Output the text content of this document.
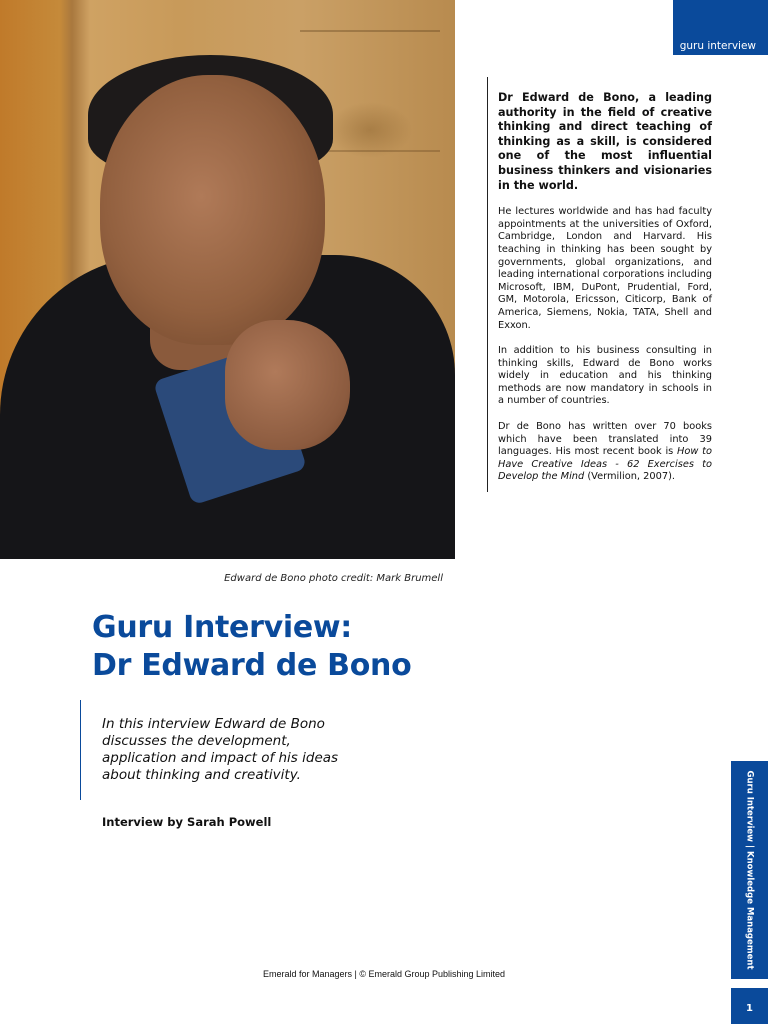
guru interview
Edward de Bono photo credit: Mark Brumell

Dr Edward de Bono, a leading authority in the field of creative thinking and direct teaching of thinking as a skill, is considered one of the most influential business thinkers and visionaries in the world.

He lectures worldwide and has had faculty appointments at the universities of Oxford, Cambridge, London and Harvard. His teaching in thinking has been sought by governments, global organizations, and leading international corporations including Microsoft, IBM, DuPont, Prudential, Ford, GM, Motorola, Ericsson, Citicorp, Bank of America, Siemens, Nokia, TATA, Shell and Exxon.

In addition to his business consulting in thinking skills, Edward de Bono works widely in education and his thinking methods are now mandatory in schools in a number of countries.

Dr de Bono has written over 70 books which have been translated into 39 languages. His most recent book is How to Have Creative Ideas - 62 Exercises to Develop the Mind (Vermilion, 2007).

Guru Interview:
Dr Edward de Bono
In this interview Edward de Bono discusses the development, application and impact of his ideas about thinking and creativity.

Interview by Sarah Powell

Emerald for Managers | © Emerald Group Publishing Limited
Guru Interview | Knowledge Management
1
